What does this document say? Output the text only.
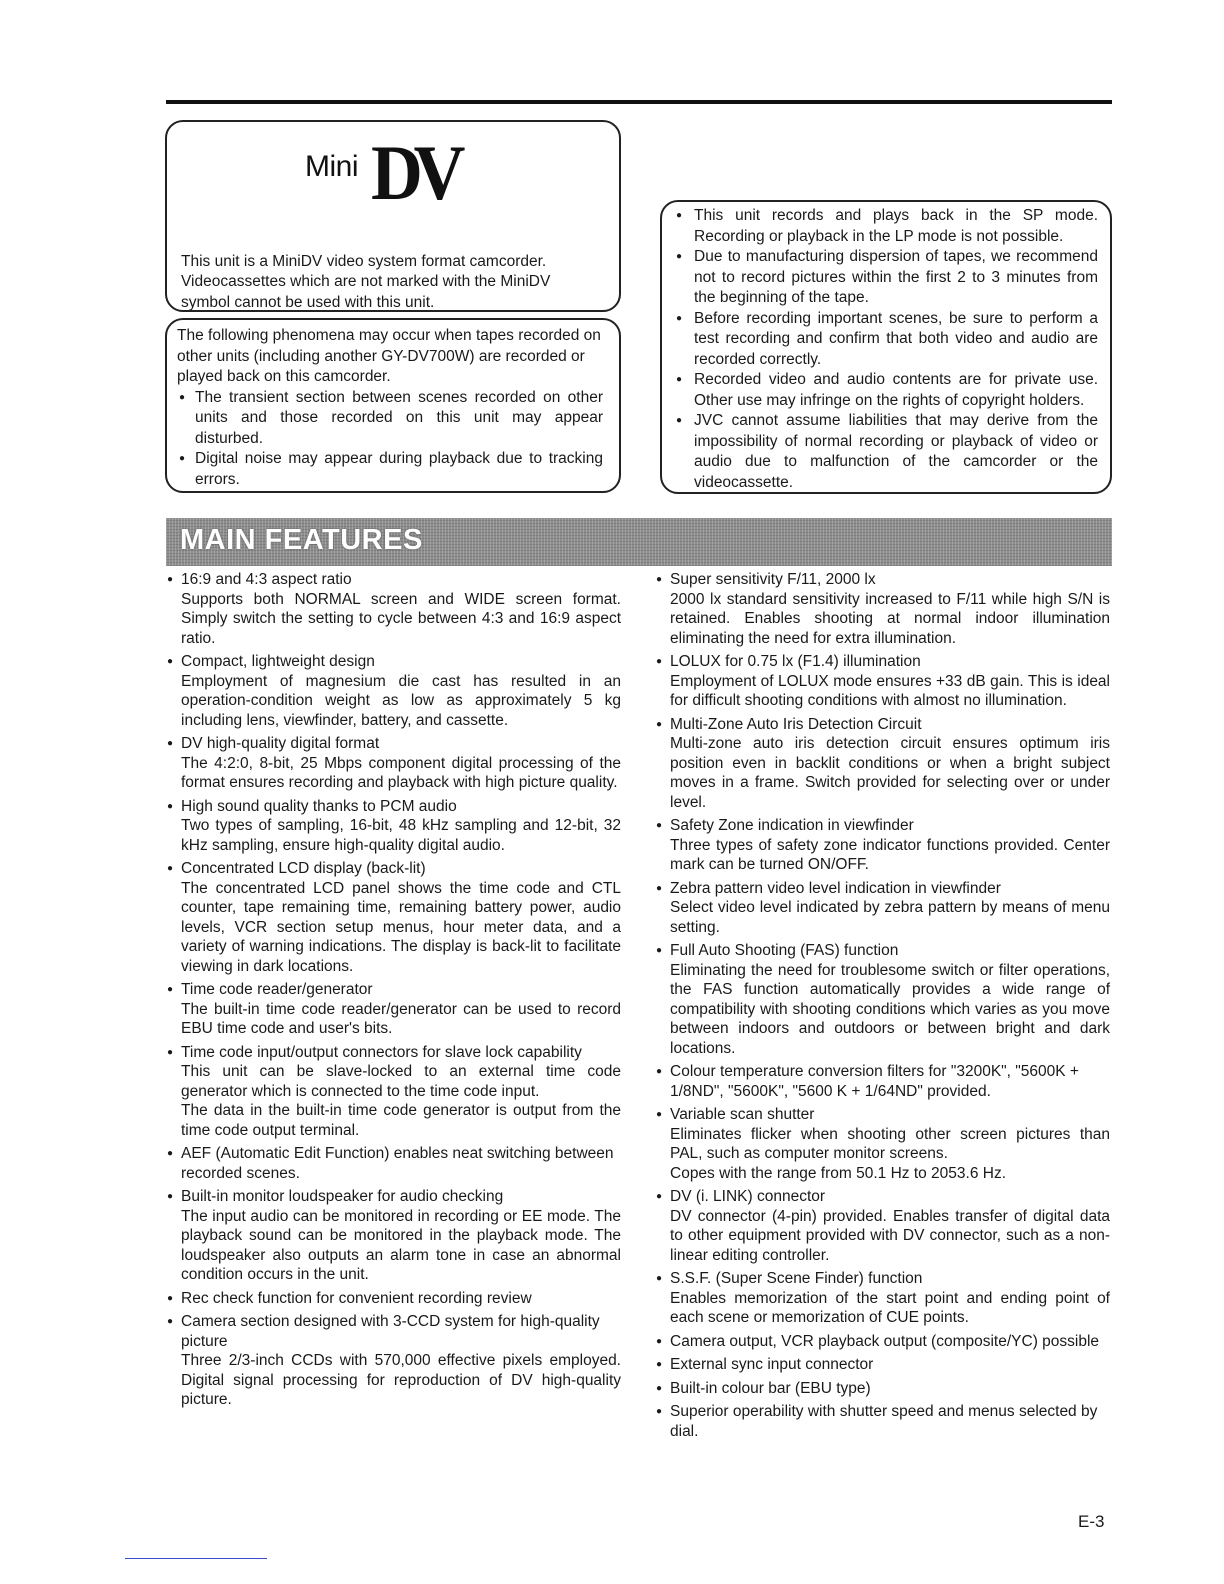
Mini DV

This unit is a MiniDV video system format camcorder. Videocassettes which are not marked with the MiniDV symbol cannot be used with this unit.

The following phenomena may occur when tapes recorded on other units (including another GY-DV700W) are recorded or played back on this camcorder.

● The transient section between scenes recorded on other units and those recorded on this unit may appear disturbed.
● Digital noise may appear during playback due to tracking errors.
● This unit records and plays back in the SP mode. Recording or playback in the LP mode is not possible.
● Due to manufacturing dispersion of tapes, we recommend not to record pictures within the first 2 to 3 minutes from the beginning of the tape.
● Before recording important scenes, be sure to perform a test recording and confirm that both video and audio are recorded correctly.
● Recorded video and audio contents are for private use. Other use may infringe on the rights of copyright holders.
● JVC cannot assume liabilities that may derive from the impossibility of normal recording or playback of video or audio due to malfunction of the camcorder or the videocassette.
MAIN FEATURES
● 16:9 and 4:3 aspect ratio
Supports both NORMAL screen and WIDE screen format. Simply switch the setting to cycle between 4:3 and 16:9 aspect ratio.
● Compact, lightweight design
Employment of magnesium die cast has resulted in an operation-condition weight as low as approximately 5 kg including lens, viewfinder, battery, and cassette.
● DV high-quality digital format
The 4:2:0, 8-bit, 25 Mbps component digital processing of the format ensures recording and playback with high picture quality.
● High sound quality thanks to PCM audio
Two types of sampling, 16-bit, 48 kHz sampling and 12-bit, 32 kHz sampling, ensure high-quality digital audio.
● Concentrated LCD display (back-lit)
The concentrated LCD panel shows the time code and CTL counter, tape remaining time, remaining battery power, audio levels, VCR section setup menus, hour meter data, and a variety of warning indications. The display is back-lit to facilitate viewing in dark locations.
● Time code reader/generator
The built-in time code reader/generator can be used to record EBU time code and user's bits.
● Time code input/output connectors for slave lock capability
This unit can be slave-locked to an external time code generator which is connected to the time code input.
The data in the built-in time code generator is output from the time code output terminal.
● AEF (Automatic Edit Function) enables neat switching between recorded scenes.
● Built-in monitor loudspeaker for audio checking
The input audio can be monitored in recording or EE mode. The playback sound can be monitored in the playback mode. The loudspeaker also outputs an alarm tone in case an abnormal condition occurs in the unit.
● Rec check function for convenient recording review
● Camera section designed with 3-CCD system for high-quality picture
Three 2/3-inch CCDs with 570,000 effective pixels employed. Digital signal processing for reproduction of DV high-quality picture.
● Super sensitivity F/11, 2000 lx
2000 lx standard sensitivity increased to F/11 while high S/N is retained. Enables shooting at normal indoor illumination eliminating the need for extra illumination.
● LOLUX for 0.75 lx (F1.4) illumination
Employment of LOLUX mode ensures +33 dB gain. This is ideal for difficult shooting conditions with almost no illumination.
● Multi-Zone Auto Iris Detection Circuit
Multi-zone auto iris detection circuit ensures optimum iris position even in backlit conditions or when a bright subject moves in a frame. Switch provided for selecting over or under level.
● Safety Zone indication in viewfinder
Three types of safety zone indicator functions provided. Center mark can be turned ON/OFF.
● Zebra pattern video level indication in viewfinder
Select video level indicated by zebra pattern by means of menu setting.
● Full Auto Shooting (FAS) function
Eliminating the need for troublesome switch or filter operations, the FAS function automatically provides a wide range of compatibility with shooting conditions which varies as you move between indoors and outdoors or between bright and dark locations.
● Colour temperature conversion filters for "3200K", "5600K + 1/8ND", "5600K", "5600 K + 1/64ND" provided.
● Variable scan shutter
Eliminates flicker when shooting other screen pictures than PAL, such as computer monitor screens.
Copes with the range from 50.1 Hz to 2053.6 Hz.
● DV (i. LINK) connector
DV connector (4-pin) provided. Enables transfer of digital data to other equipment provided with DV connector, such as a non-linear editing controller.
● S.S.F. (Super Scene Finder) function
Enables memorization of the start point and ending point of each scene or memorization of CUE points.
● Camera output, VCR playback output (composite/YC) possible
● External sync input connector
● Built-in colour bar (EBU type)
● Superior operability with shutter speed and menus selected by dial.
E-3
